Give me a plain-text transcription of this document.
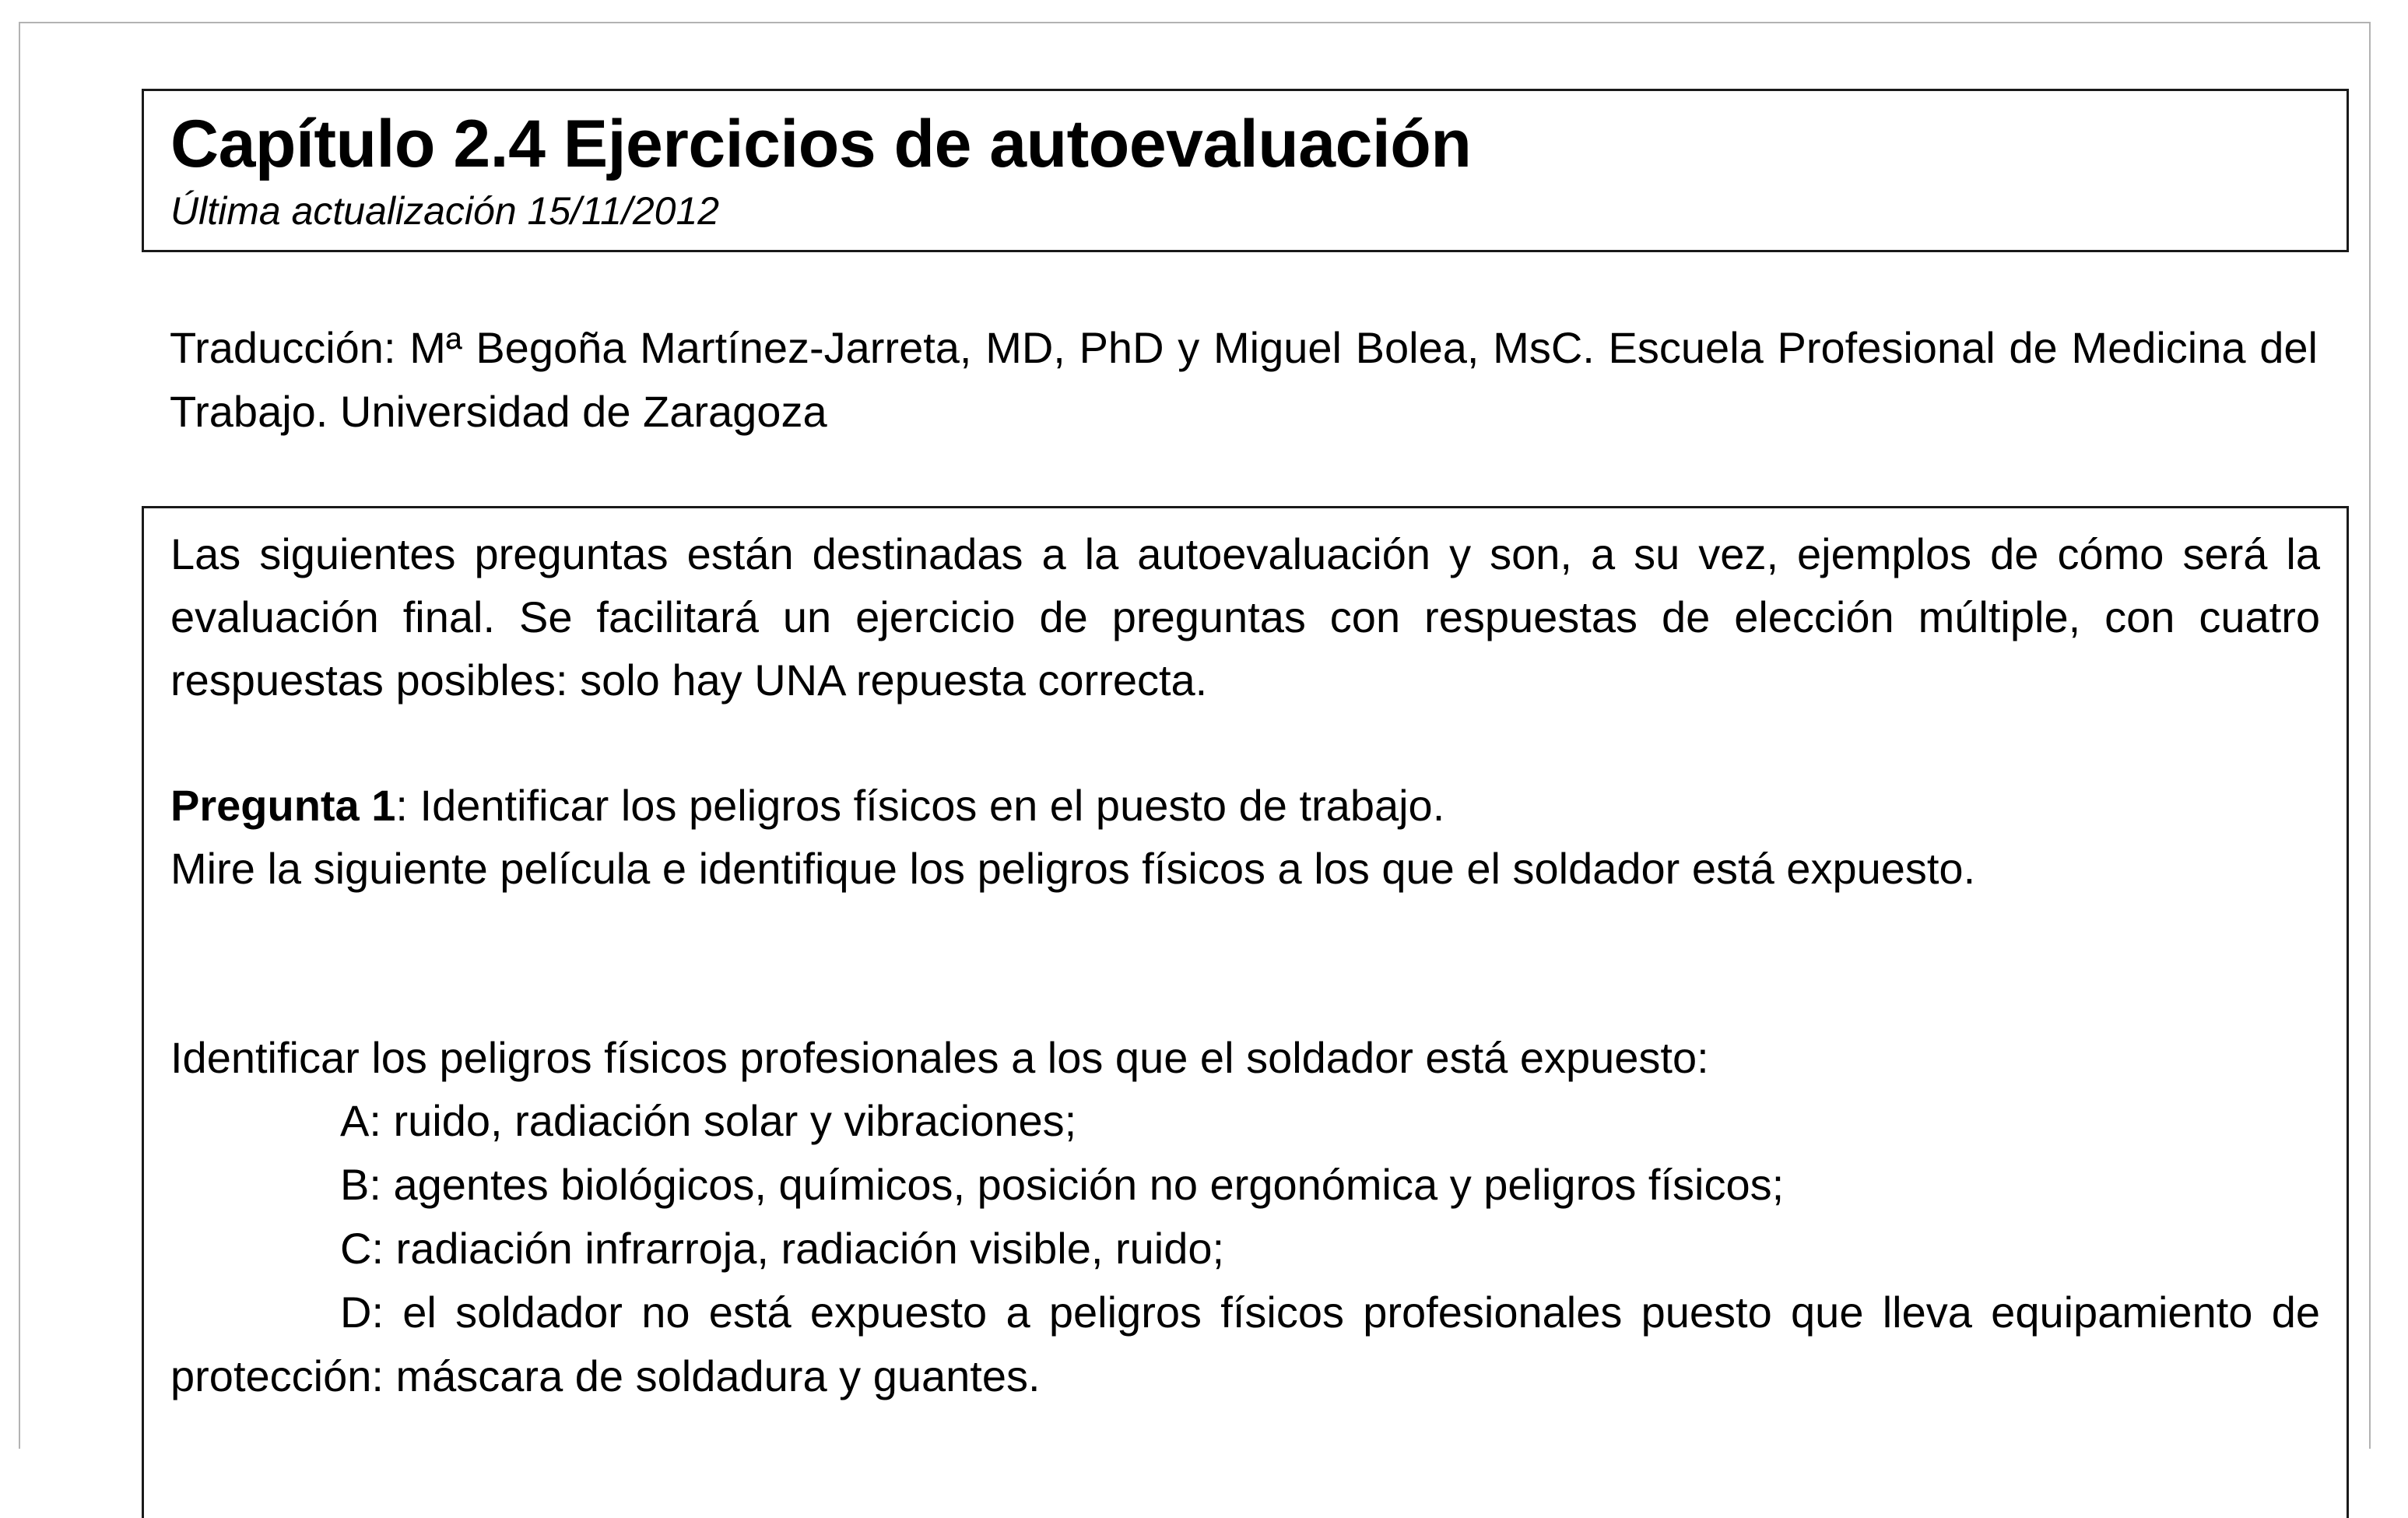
Capítulo 2.4 Ejercicios de autoevaluación

Última actualización 15/11/2012

Traducción: Mª Begoña Martínez-Jarreta, MD, PhD y Miguel Bolea, MsC. Escuela Profesional de Medicina del Trabajo. Universidad de Zaragoza

Las siguientes preguntas están destinadas a la autoevaluación y son, a su vez, ejemplos de cómo será la evaluación final. Se facilitará un ejercicio de preguntas con respuestas de elección múltiple, con cuatro respuestas posibles: solo hay UNA repuesta correcta.

Pregunta 1: Identificar los peligros físicos en el puesto de trabajo.
Mire la siguiente película e identifique los peligros físicos a los que el soldador está expuesto.

Identificar los peligros físicos profesionales a los que el soldador está expuesto:

A: ruido, radiación solar y vibraciones;

B: agentes biológicos, químicos, posición no ergonómica y peligros físicos;

C: radiación infrarroja, radiación visible, ruido;

D: el soldador no está expuesto a peligros físicos profesionales puesto que lleva equipamiento de protección: máscara de soldadura y guantes.
